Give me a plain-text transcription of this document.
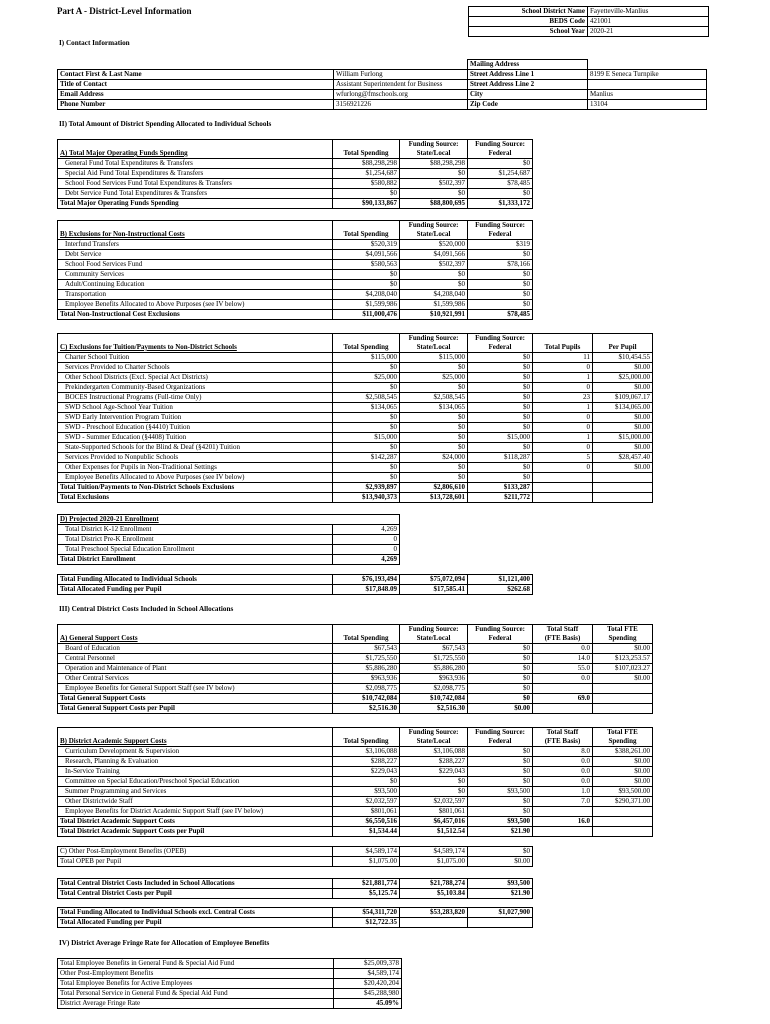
Part A - District-Level Information	School District Name	Fayetteville-Manlius
BEDS Code	421001
School Year	2020-21
I) Contact Information
		Mailing Address	
Contact First & Last Name	William Furlong	Street Address Line 1	8199 E Seneca Turnpike
Title of Contact	Assistant Superintendent for Business	Street Address Line 2	
Email Address	wfurlong@fmschools.org	City	Manlius
Phone Number	3156921226	Zip Code	13104
II) Total Amount of District Spending Allocated to Individual Schools
		Funding Source:	Funding Source:
A) Total Major Operating Funds Spending	Total Spending	State/Local	Federal
General Fund Total Expenditures & Transfers	$88,298,298	$88,298,298	$0
Special Aid Fund Total Expenditures & Transfers	$1,254,687	$0	$1,254,687
School Food Services Fund Total Expenditures & Transfers	$580,882	$502,397	$78,485
Debt Service Fund Total Expenditures & Transfers	$0	$0	$0
Total Major Operating Funds Spending	$90,133,867	$88,800,695	$1,333,172
		Funding Source:	Funding Source:
B) Exclusions for Non-Instructional Costs	Total Spending	State/Local	Federal
Interfund Transfers	$520,319	$520,000	$319
Debt Service	$4,091,566	$4,091,566	$0
School Food Services Fund	$580,563	$502,397	$78,166
Community Services	$0	$0	$0
Adult/Continuing Education	$0	$0	$0
Transportation	$4,208,040	$4,208,040	$0
Employee Benefits Allocated to Above Purposes (see IV below)	$1,599,986	$1,599,986	$0
Total Non-Instructional Cost Exclusions	$11,000,476	$10,921,991	$78,485
		Funding Source:	Funding Source:		
C) Exclusions for Tuition/Payments to Non-District Schools	Total Spending	State/Local	Federal	Total Pupils	Per Pupil
Charter School Tuition	$115,000	$115,000	$0	11	$10,454.55
Services Provided to Charter Schools	$0	$0	$0	0	$0.00
Other School Districts (Excl. Special Act Districts)	$25,000	$25,000	$0	1	$25,000.00
Prekindergarten Community-Based Organizations	$0	$0	$0	0	$0.00
BOCES Instructional Programs (Full-time Only)	$2,508,545	$2,508,545	$0	23	$109,067.17
SWD School Age-School Year Tuition	$134,065	$134,065	$0	1	$134,065.00
SWD Early Intervention Program Tuition	$0	$0	$0	0	$0.00
SWD - Preschool Education (§4410) Tuition	$0	$0	$0	0	$0.00
SWD - Summer Education (§4408) Tuition	$15,000	$0	$15,000	1	$15,000.00
State-Supported Schools for the Blind & Deaf (§4201) Tuition	$0	$0	$0	0	$0.00
Services Provided to Nonpublic Schools	$142,287	$24,000	$118,287	5	$28,457.40
Other Expenses for Pupils in Non-Traditional Settings	$0	$0	$0	0	$0.00
Employee Benefits Allocated to Above Purposes (see IV below)	$0	$0	$0		
Total Tuition/Payments to Non-District Schools Exclusions	$2,939,897	$2,806,610	$133,287		
Total Exclusions	$13,940,373	$13,728,601	$211,772		
D) Projected 2020-21 Enrollment	
Total District K-12 Enrollment	4,269
Total District Pre-K Enrollment	0
Total Preschool Special Education Enrollment	0
Total District Enrollment	4,269
Total Funding Allocated to Individual Schools	$76,193,494	$75,072,094	$1,121,400
Total Allocated Funding per Pupil	$17,848.09	$17,585.41	$262.68
III) Central District Costs Included in School Allocations
		Funding Source:	Funding Source:	Total Staff	Total FTE
A) General Support Costs	Total Spending	State/Local	Federal	(FTE Basis)	Spending
Board of Education	$67,543	$67,543	$0	0.0	$0.00
Central Personnel	$1,725,550	$1,725,550	$0	14.0	$123,253.57
Operation and Maintenance of Plant	$5,886,280	$5,886,280	$0	55.0	$107,023.27
Other Central Services	$963,936	$963,936	$0	0.0	$0.00
Employee Benefits for General Support Staff (see IV below)	$2,098,775	$2,098,775	$0		
Total General Support Costs	$10,742,084	$10,742,084	$0	69.0	
Total General Support Costs per Pupil	$2,516.30	$2,516.30	$0.00		
		Funding Source:	Funding Source:	Total Staff	Total FTE
B) District Academic Support Costs	Total Spending	State/Local	Federal	(FTE Basis)	Spending
Curriculum Development & Supervision	$3,106,088	$3,106,088	$0	8.0	$388,261.00
Research, Planning & Evaluation	$288,227	$288,227	$0	0.0	$0.00
In-Service Training	$229,043	$229,043	$0	0.0	$0.00
Committee on Special Education/Preschool Special Education	$0	$0	$0	0.0	$0.00
Summer Programming and Services	$93,500	$0	$93,500	1.0	$93,500.00
Other Districtwide Staff	$2,032,597	$2,032,597	$0	7.0	$290,371.00
Employee Benefits for District Academic Support Staff (see IV below)	$801,061	$801,061	$0		
Total District Academic Support Costs	$6,550,516	$6,457,016	$93,500	16.0	
Total District Academic Support Costs per Pupil	$1,534.44	$1,512.54	$21.90		
C) Other Post-Employment Benefits (OPEB)	$4,589,174	$4,589,174	$0
Total OPEB per Pupil	$1,075.00	$1,075.00	$0.00
Total Central District Costs Included in School Allocations	$21,881,774	$21,788,274	$93,500
Total Central District Costs per Pupil	$5,125.74	$5,103.84	$21.90
Total Funding Allocated to Individual Schools excl. Central Costs	$54,311,720	$53,283,820	$1,027,900
Total Allocated Funding per Pupil	$12,722.35		
IV) District Average Fringe Rate for Allocation of Employee Benefits
Total Employee Benefits in General Fund & Special Aid Fund	$25,009,378
Other Post-Employment Benefits	$4,589,174
Total Employee Benefits for Active Employees	$20,420,204
Total Personal Service in General Fund & Special Aid Fund	$45,288,980
District Average Fringe Rate	45.09%
